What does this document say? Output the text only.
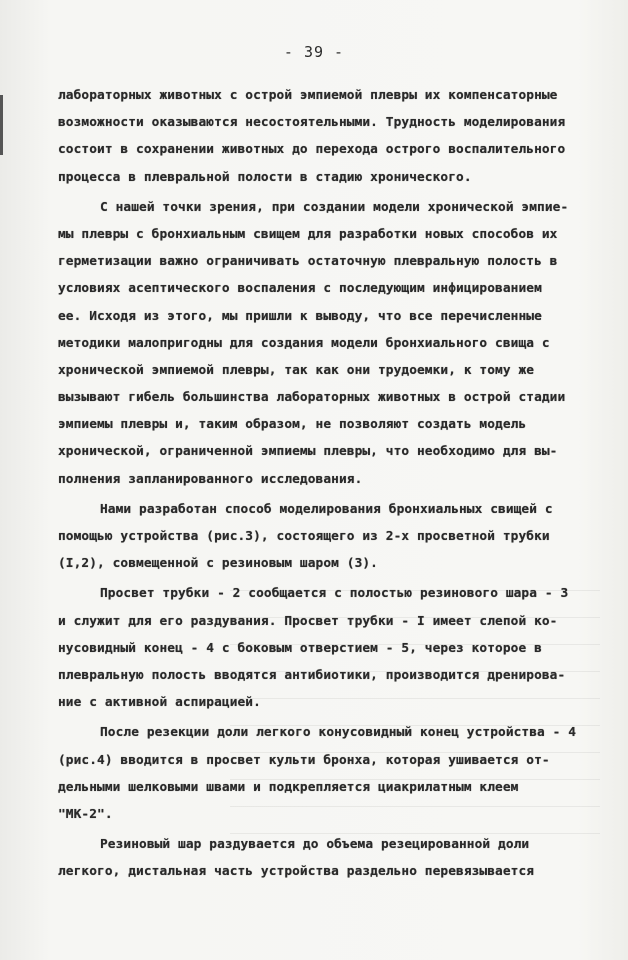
- 39 -
лабораторных животных с острой эмпиемой плевры их компенсаторные
возможности оказываются несостоятельными. Трудность моделирования
состоит в сохранении животных до перехода острого воспалительного
процесса в плевральной полости в стадию хронического.
С нашей точки зрения, при создании модели хронической эмпие-
мы плевры с бронхиальным свищем для разработки новых способов их
герметизации важно ограничивать остаточную плевральную полость в
условиях асептического воспаления с последующим инфицированием
ее. Исходя из этого, мы пришли к выводу, что все перечисленные
методики малопригодны для создания модели бронхиального свища с
хронической эмпиемой плевры, так как они трудоемки, к тому же
вызывают гибель большинства лабораторных животных в острой стадии
эмпиемы плевры и, таким образом, не позволяют создать модель
хронической, ограниченной эмпиемы плевры, что необходимо для вы-
полнения запланированного исследования.
Нами разработан способ моделирования бронхиальных свищей с
помощью устройства (рис.3), состоящего из 2-х просветной трубки
(I,2), совмещенной с резиновым шаром (3).
Просвет трубки - 2 сообщается с полостью резинового шара - 3
и служит для его раздувания. Просвет трубки - I имеет слепой ко-
нусовидный конец - 4 с боковым отверстием - 5, через которое в
плевральную полость вводятся антибиотики, производится дренирова-
ние с активной аспирацией.
После резекции доли легкого конусовидный конец устройства - 4
(рис.4) вводится в просвет культи бронха, которая ушивается от-
дельными шелковыми швами и подкрепляется циакрилатным клеем
"МК-2".
Резиновый шар раздувается до объема резецированной доли
легкого, дистальная часть устройства раздельно перевязывается
